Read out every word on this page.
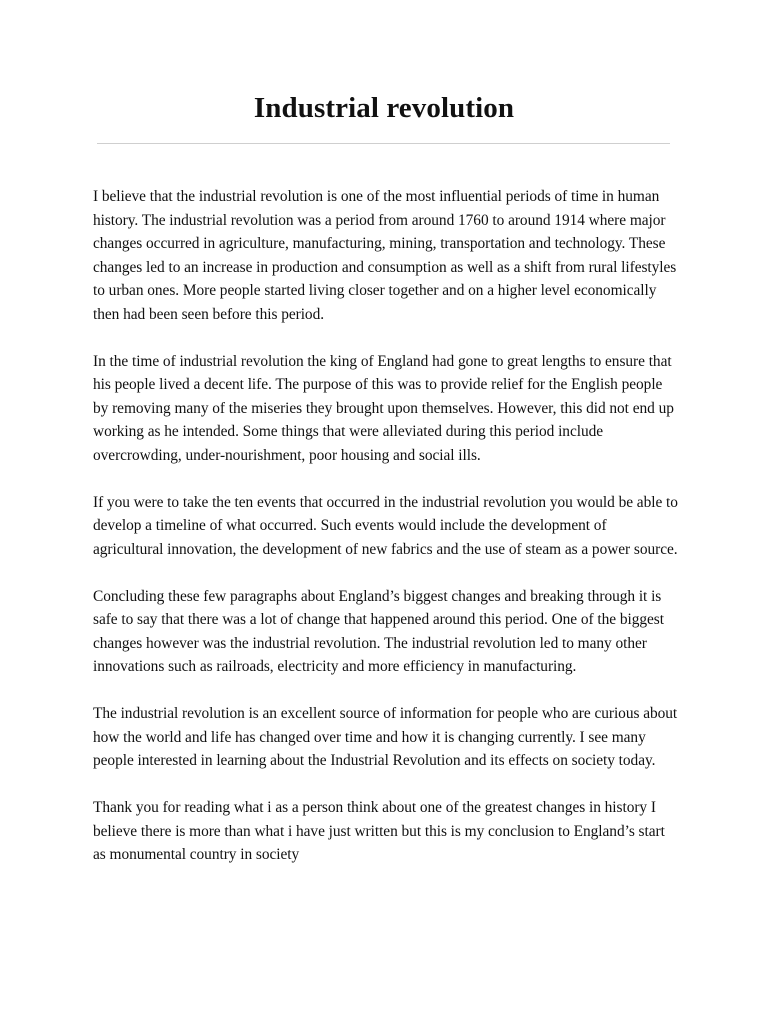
Industrial revolution

I believe that the industrial revolution is one of the most influential periods of time in human history. The industrial revolution was a period from around 1760 to around 1914 where major changes occurred in agriculture, manufacturing, mining, transportation and technology. These changes led to an increase in production and consumption as well as a shift from rural lifestyles to urban ones. More people started living closer together and on a higher level economically then had been seen before this period.

In the time of industrial revolution the king of England had gone to great lengths to ensure that his people lived a decent life. The purpose of this was to provide relief for the English people by removing many of the miseries they brought upon themselves. However, this did not end up working as he intended. Some things that were alleviated during this period include overcrowding, under-nourishment, poor housing and social ills.

If you were to take the ten events that occurred in the industrial revolution you would be able to develop a timeline of what occurred. Such events would include the development of agricultural innovation, the development of new fabrics and the use of steam as a power source.

Concluding these few paragraphs about England’s biggest changes and breaking through it is safe to say that there was a lot of change that happened around this period. One of the biggest changes however was the industrial revolution. The industrial revolution led to many other innovations such as railroads, electricity and more efficiency in manufacturing.

The industrial revolution is an excellent source of information for people who are curious about how the world and life has changed over time and how it is changing currently. I see many people interested in learning about the Industrial Revolution and its effects on society today.

Thank you for reading what i as a person think about one of the greatest changes in history I believe there is more than what i have just written but this is my conclusion to England’s start as monumental country in society
